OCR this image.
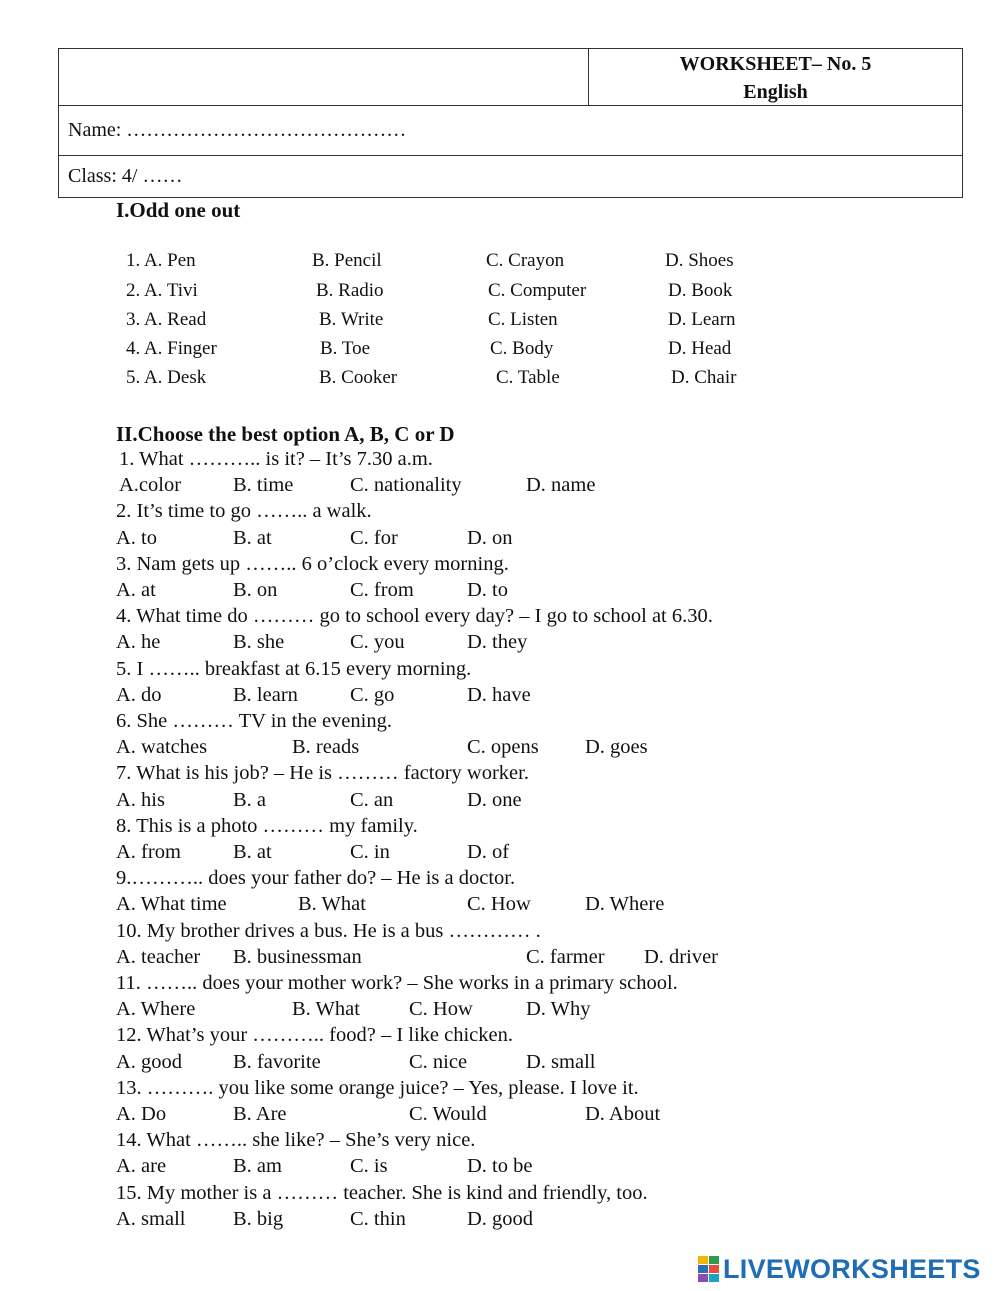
WORKSHEET– No. 5
English

Name: ……………………………………
Class: 4/ ……
I.Odd one out
1. A. Pen	B. Pencil	C. Crayon	D. Shoes
2. A. Tivi	B. Radio	C. Computer	D. Book
3. A. Read	B. Write	C. Listen	D. Learn
4. A. Finger	B. Toe	C. Body	D. Head
5. A. Desk	B. Cooker	C. Table	D. Chair
II.Choose the best option A, B, C or D
1. What ……….. is it? – It’s 7.30 a.m.
A.color	B. time	C. nationality	D. name
2. It’s time to go …….. a walk.
A. to	B. at	C. for	D. on
3. Nam gets up …….. 6 o’clock every morning.
A. at	B. on	C. from	D. to
4. What time do ……… go to school every day? – I go to school at 6.30.
A. he	B. she	C. you	D. they
5. I …….. breakfast at 6.15 every morning.
A. do	B. learn	C. go	D. have
6. She ……… TV in the evening.
A. watches	B. reads	C. opens D. goes
7. What is his job? – He is ……… factory worker.
A. his	B. a	C. an	D. one
8. This is a photo ……… my family.
A. from	B. at	C. in	D. of
9.……….. does your father do? – He is a doctor.
A. What time	B. What	C. How	D. Where
10. My brother drives a bus. He is a bus ………… .
A. teacher B. businessman	C. farmer D. driver
11. …….. does your mother work? – She works in a primary school.
A. Where	B. What C. How	D. Why
12. What’s your ……….. food? – I like chicken.
A. good B. favorite	C. nice	D. small
13. ………. you like some orange juice? – Yes, please. I love it.
A. Do	B. Are	C. Would	D. About
14. What …….. she like? – She’s very nice.
A. are	B. am	C. is	D. to be
15. My mother is a ……… teacher. She is kind and friendly, too.
A. small B. big	C. thin	D. good
LIVEWORKSHEETS
